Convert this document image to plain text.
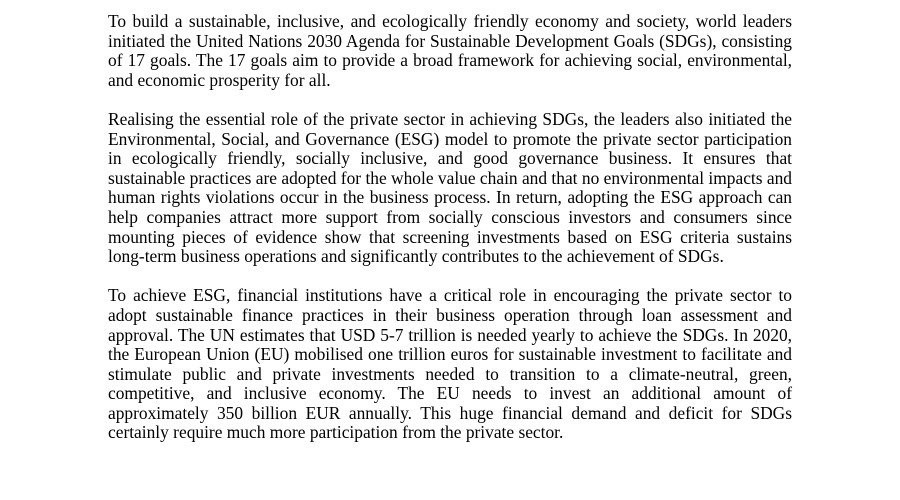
To build a sustainable, inclusive, and ecologically friendly economy and society, world leaders initiated the United Nations 2030 Agenda for Sustainable Development Goals (SDGs), consisting of 17 goals. The 17 goals aim to provide a broad framework for achieving social, environmental, and economic prosperity for all.

Realising the essential role of the private sector in achieving SDGs, the leaders also initiated the Environmental, Social, and Governance (ESG) model to promote the private sector participation in ecologically friendly, socially inclusive, and good governance business. It ensures that sustainable practices are adopted for the whole value chain and that no environmental impacts and human rights violations occur in the business process. In return, adopting the ESG approach can help companies attract more support from socially conscious investors and consumers since mounting pieces of evidence show that screening investments based on ESG criteria sustains long-term business operations and significantly contributes to the achievement of SDGs.

To achieve ESG, financial institutions have a critical role in encouraging the private sector to adopt sustainable finance practices in their business operation through loan assessment and approval. The UN estimates that USD 5-7 trillion is needed yearly to achieve the SDGs. In 2020, the European Union (EU) mobilised one trillion euros for sustainable investment to facilitate and stimulate public and private investments needed to transition to a climate-neutral, green, competitive, and inclusive economy. The EU needs to invest an additional amount of approximately 350 billion EUR annually. This huge financial demand and deficit for SDGs certainly require much more participation from the private sector.
